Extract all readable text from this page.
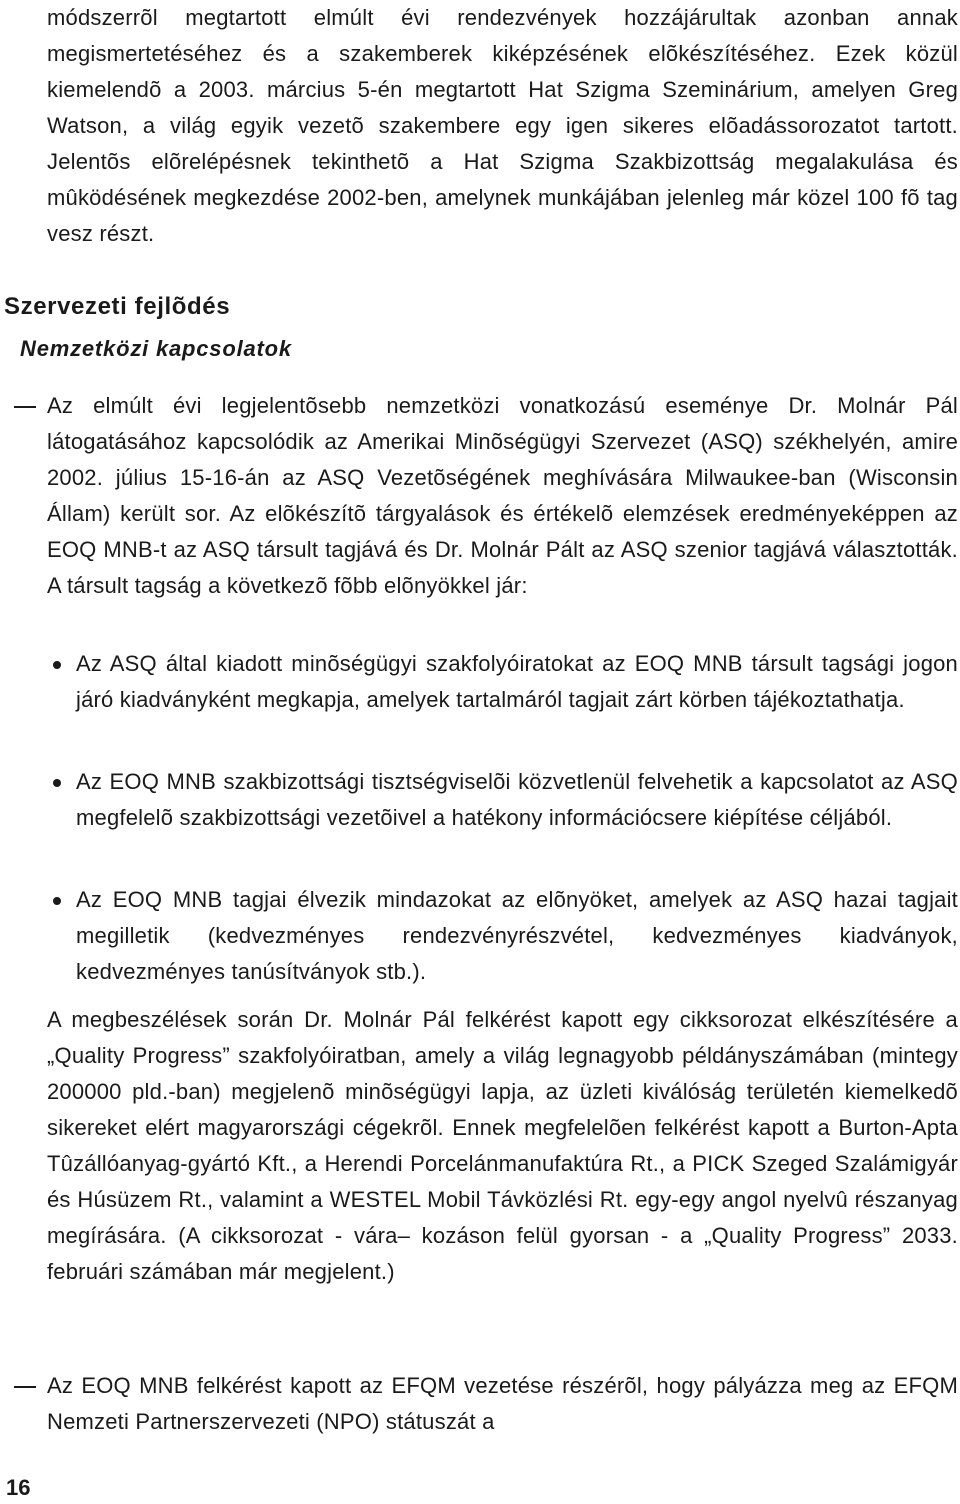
módszerrõl megtartott elmúlt évi rendezvények hozzájárultak azonban annak megismertetéséhez és a szakemberek kiképzésének elõkészítéséhez. Ezek közül kiemelendõ a 2003. március 5-én megtartott Hat Szigma Szeminárium, amelyen Greg Watson, a világ egyik vezetõ szakembere egy igen sikeres elõadássorozatot tartott. Jelentõs elõrelépésnek tekinthetõ a Hat Szigma Szakbizottság megalakulása és mûködésének megkezdése 2002-ben, amelynek munkájában jelenleg már közel 100 fõ tag vesz részt.
Szervezeti fejlõdés
Nemzetközi kapcsolatok
Az elmúlt évi legjelentõsebb nemzetközi vonatkozású eseménye Dr. Molnár Pál látogatásához kapcsolódik az Amerikai Minõségügyi Szervezet (ASQ) székhelyén, amire 2002. július 15-16-án az ASQ Vezetõségének meghívására Milwaukee-ban (Wisconsin Állam) került sor. Az elõkészítõ tárgyalások és értékelõ elemzések eredményeképpen az EOQ MNB-t az ASQ társult tagjává és Dr. Molnár Pált az ASQ szenior tagjává választották. A társult tagság a következõ fõbb elõnyökkel jár:
Az ASQ által kiadott minõségügyi szakfolyóiratokat az EOQ MNB társult tagsági jogon járó kiadványként megkapja, amelyek tartalmáról tagjait zárt körben tájékoztathatja.
Az EOQ MNB szakbizottsági tisztségviselõi közvetlenül felvehetik a kapcsolatot az ASQ megfelelõ szakbizottsági vezetõivel a hatékony információcsere kiépítése céljából.
Az EOQ MNB tagjai élvezik mindazokat az elõnyöket, amelyek az ASQ hazai tagjait megilletik (kedvezményes rendezvényrészvétel, kedvezményes kiadványok, kedvezményes tanúsítványok stb.).
A megbeszélések során Dr. Molnár Pál felkérést kapott egy cikksorozat elkészítésére a „Quality Progress” szakfolyóiratban, amely a világ legnagyobb példányszámában (mintegy 200000 pld.-ban) megjelenõ minõségügyi lapja, az üzleti kiválóság területén kiemelkedõ sikereket elért magyarországi cégekrõl. Ennek megfelelõen felkérést kapott a Burton-Apta Tûzállóanyag-gyártó Kft., a Herendi Porcelánmanufaktúra Rt., a PICK Szeged Szalámigyár és Húsüzem Rt., valamint a WESTEL Mobil Távközlési Rt. egy-egy angol nyelvû részanyag megírására. (A cikksorozat - vára– kozáson felül gyorsan - a „Quality Progress” 2033. februári számában már megjelent.)
Az EOQ MNB felkérést kapott az EFQM vezetése részérõl, hogy pályázza meg az EFQM Nemzeti Partnerszervezeti (NPO) státuszát a
16
